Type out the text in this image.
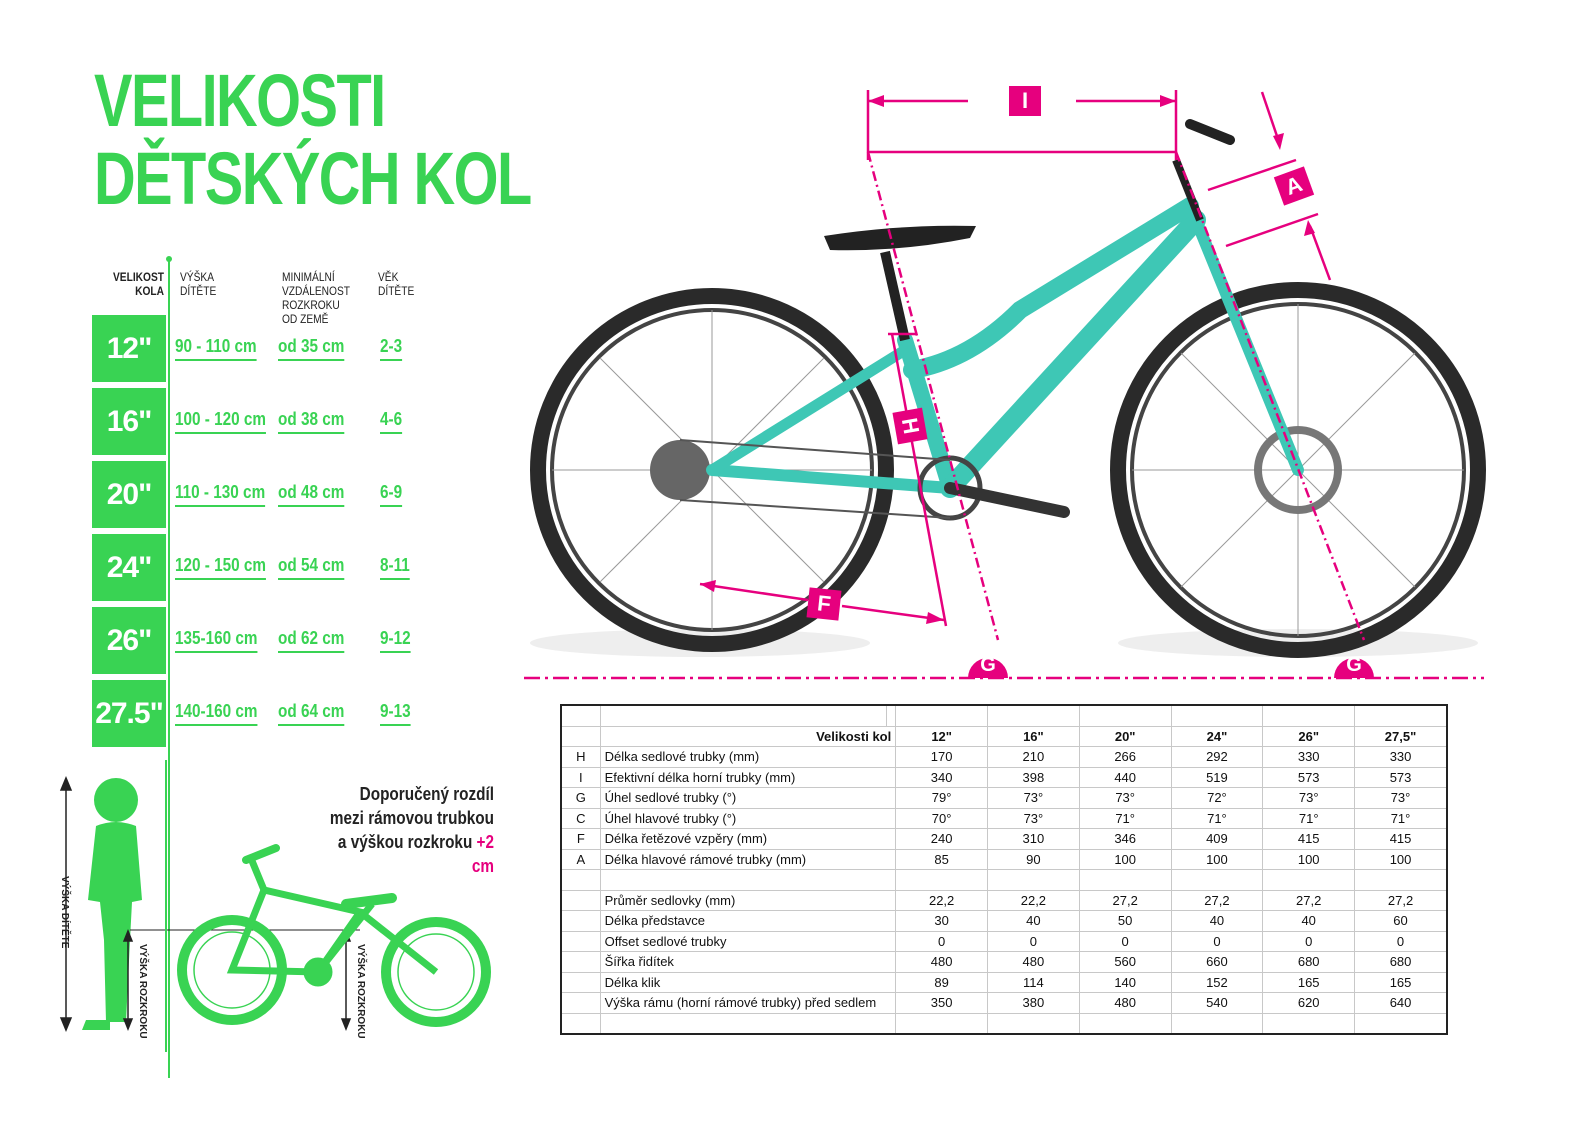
VELIKOSTI
DĚTSKÝCH KOL
VELIKOST
KOLA
VÝŠKA
DÍTĚTE
MINIMÁLNÍ
VZDÁLENOST
ROZKROKU
OD ZEMĚ
VĚK
DÍTĚTE
12"	90 - 110 cm od 35 cm 2-3
16"	100 - 120 cm od 38 cm 4-6
20"	110 - 130 cm od 48 cm 6-9
24"	120 - 150 cm od 54 cm 8-11
26"	135-160 cm od 62 cm 9-12
27.5" 140-160 cm od 64 cm 9-13
Doporučený rozdíl
mezi rámovou trubkou
a výškou rozkroku +2 cm
I
A
H
F
G	G
VÝŠKA DÍTĚTE
VÝŠKA ROZKROKU	VÝŠKA ROZKROKU

	Velikosti kol		12"	16"	20"	24"	26"	27,5"
H	Délka sedlové trubky (mm)		170	210	266	292	330	330
I	Efektivní délka horní trubky (mm)		340	398	440	519	573	573
G	Úhel sedlové trubky (°)		79°	73°	73°	72°	73°	73°
C	Úhel hlavové trubky (°)		70°	73°	71°	71°	71°	71°
F	Délka řetězové vzpěry (mm)		240	310	346	409	415	415
A	Délka hlavové rámové trubky (mm)		85	90	100	100	100	100

	Průměr sedlovky (mm)		22,2	22,2	27,2	27,2	27,2	27,2
	Délka představce		30	40	50	40	40	60
	Offset sedlové trubky		0	0	0	0	0	0
	Šířka řidítek		480	480	560	660	680	680
	Délka klik		89	114	140	152	165	165
	Výška rámu (horní rámové trubky) před sedlem		350	380	480	540	620	640
